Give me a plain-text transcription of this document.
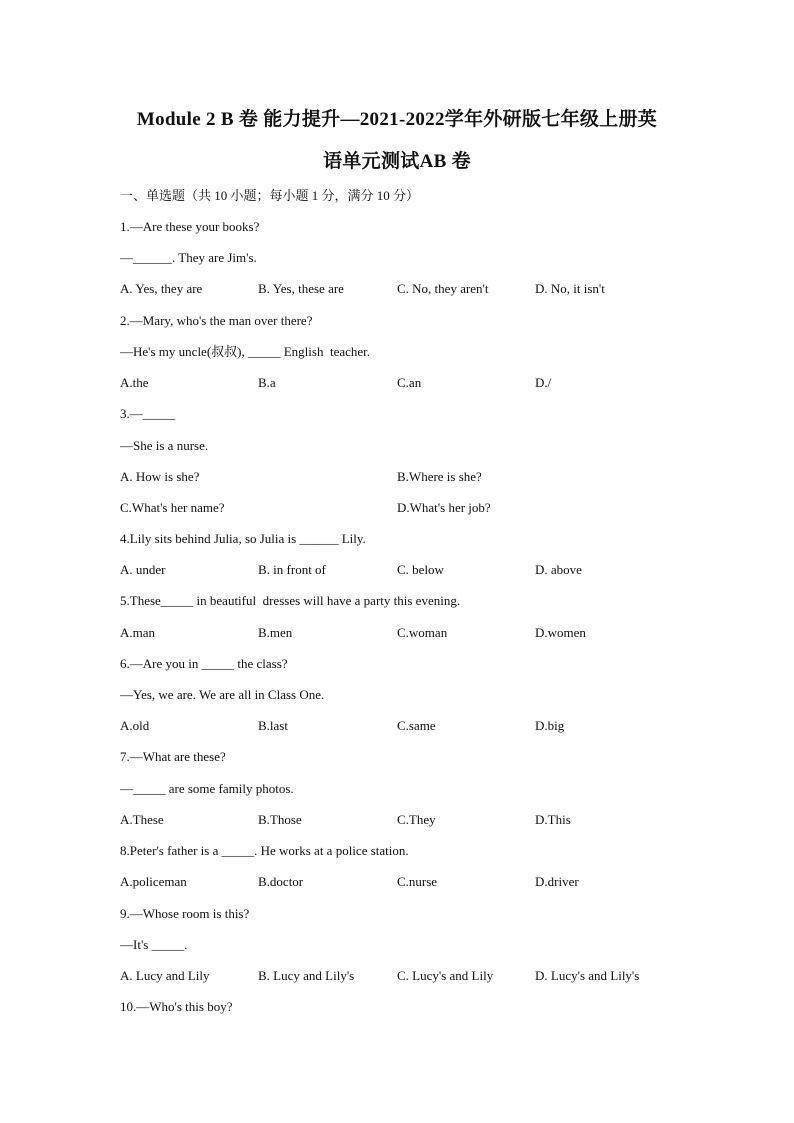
Module 2 B 卷 能力提升—2021-2022学年外研版七年级上册英
语单元测试AB 卷
一、单选题（共 10 小题；每小题 1 分，满分 10 分）
1.—Are these your books?
—______. They are Jim's.
A. Yes, they are	B. Yes, these are	C. No, they aren't	D. No, it isn't
2.—Mary, who's the man over there?
—He's my uncle(叔叔), _____ English  teacher.
A.the	B.a	C.an	D./
3.—_____
—She is a nurse.
A. How is she?	B.Where is she?
C.What's her name?	D.What's her job?
4.Lily sits behind Julia, so Julia is ______ Lily.
A. under	B. in front of	C. below	D. above
5.These_____ in beautiful  dresses will have a party this evening.
A.man	B.men	C.woman	D.women
6.—Are you in _____ the class?
—Yes, we are. We are all in Class One.
A.old	B.last	C.same	D.big
7.—What are these?
—_____ are some family photos.
A.These	B.Those	C.They	D.This
8.Peter's father is a _____. He works at a police station.
A.policeman	B.doctor	C.nurse	D.driver
9.—Whose room is this?
—It's _____.
A. Lucy and Lily	B. Lucy and Lily's	C. Lucy's and Lily	D. Lucy's and Lily's
10.—Who's this boy?
